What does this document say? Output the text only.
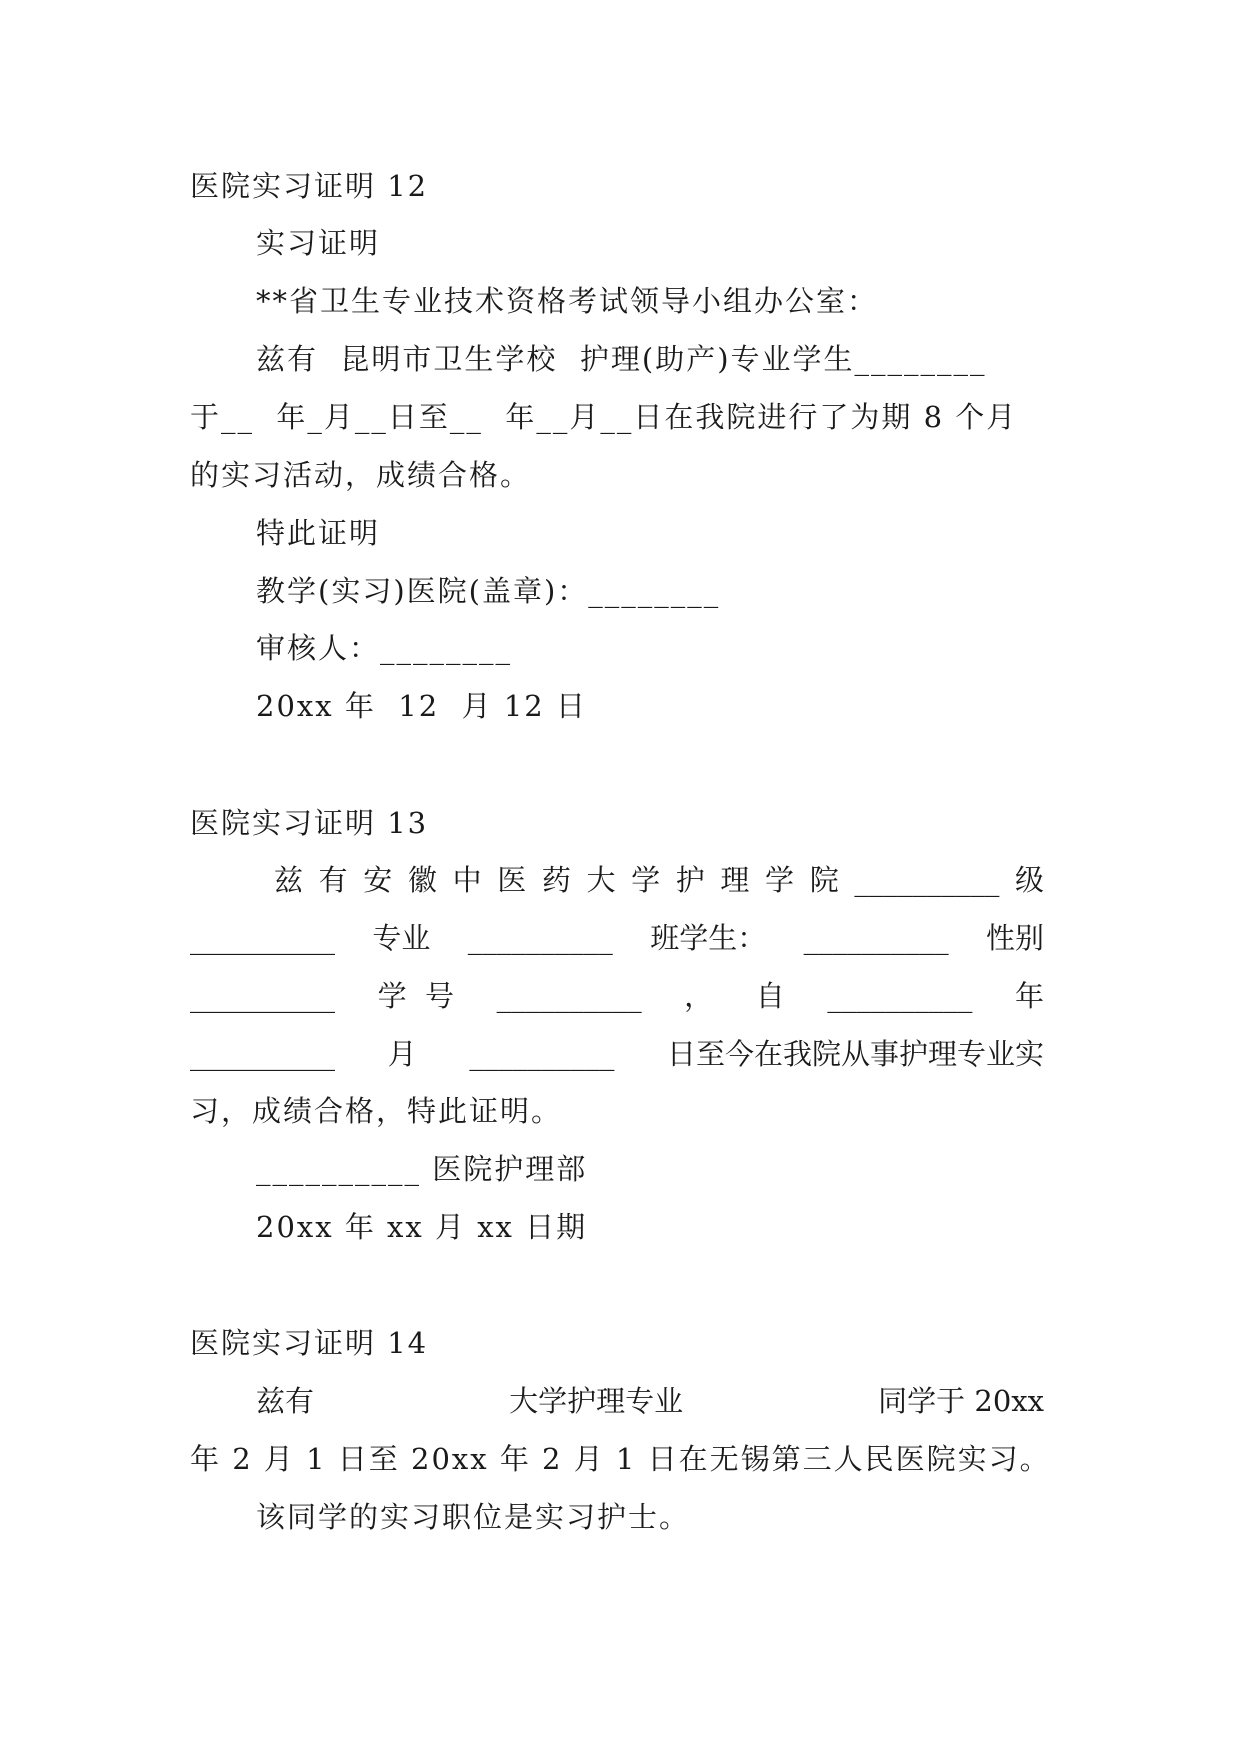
医院实习证明 12
实习证明
**省卫生专业技术资格考试领导小组办公室：
兹有  昆明市卫生学校  护理(助产)专业学生________
于__  年_月__日至__  年__月__日在我院进行了为期 8 个月
的实习活动，成绩合格。
特此证明
教学(实习)医院(盖章)：________
审核人：________
20xx 年  12  月 12 日
医院实习证明 13
兹 有 安 徽 中 医 药 大 学 护 理 学 院 __________ 级
__________ 专业 __________ 班学生： __________ 性别
__________ 学  号 __________ ， 自 __________ 年
__________ 月 __________ 日至今在我院从事护理专业实
习，成绩合格，特此证明。
__________ 医院护理部
20xx 年 xx 月 xx 日期
医院实习证明 14
兹有	大学护理专业	同学于 20xx
年 2 月 1 日至 20xx 年 2 月 1 日在无锡第三人民医院实习。
该同学的实习职位是实习护士。
